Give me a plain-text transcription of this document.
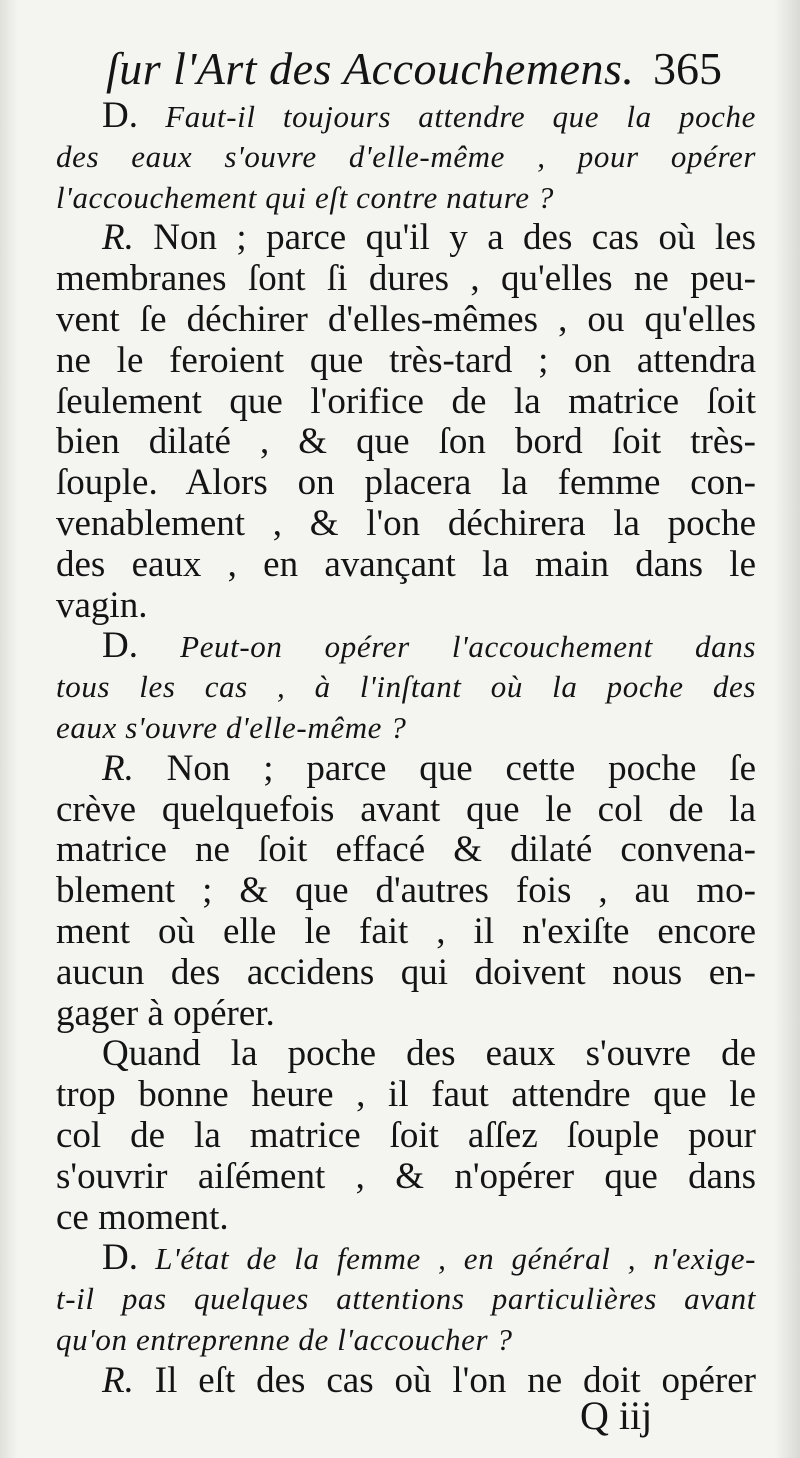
ſur l'Art des Accouchemens. 365
D. Faut-il toujours attendre que la poche
des eaux s'ouvre d'elle-même , pour opérer
l'accouchement qui eſt contre nature ?
R. Non ; parce qu'il y a des cas où les
membranes ſont ſi dures , qu'elles ne peu-
vent ſe déchirer d'elles-mêmes , ou qu'elles
ne le feroient que très-tard ; on attendra
ſeulement que l'orifice de la matrice ſoit
bien dilaté , & que ſon bord ſoit très-
ſouple. Alors on placera la femme con-
venablement , & l'on déchirera la poche
des eaux , en avançant la main dans le
vagin.
D. Peut-on opérer l'accouchement dans
tous les cas , à l'inſtant où la poche des
eaux s'ouvre d'elle-même ?
R. Non ; parce que cette poche ſe
crève quelquefois avant que le col de la
matrice ne ſoit effacé & dilaté convena-
blement ; & que d'autres fois , au mo-
ment où elle le fait , il n'exiſte encore
aucun des accidens qui doivent nous en-
gager à opérer.
Quand la poche des eaux s'ouvre de
trop bonne heure , il faut attendre que le
col de la matrice ſoit aſſez ſouple pour
s'ouvrir aiſément , & n'opérer que dans
ce moment.
D. L'état de la femme , en général , n'exige-
t-il pas quelques attentions particulières avant
qu'on entreprenne de l'accoucher ?
R. Il eſt des cas où l'on ne doit opérer
Q iij
